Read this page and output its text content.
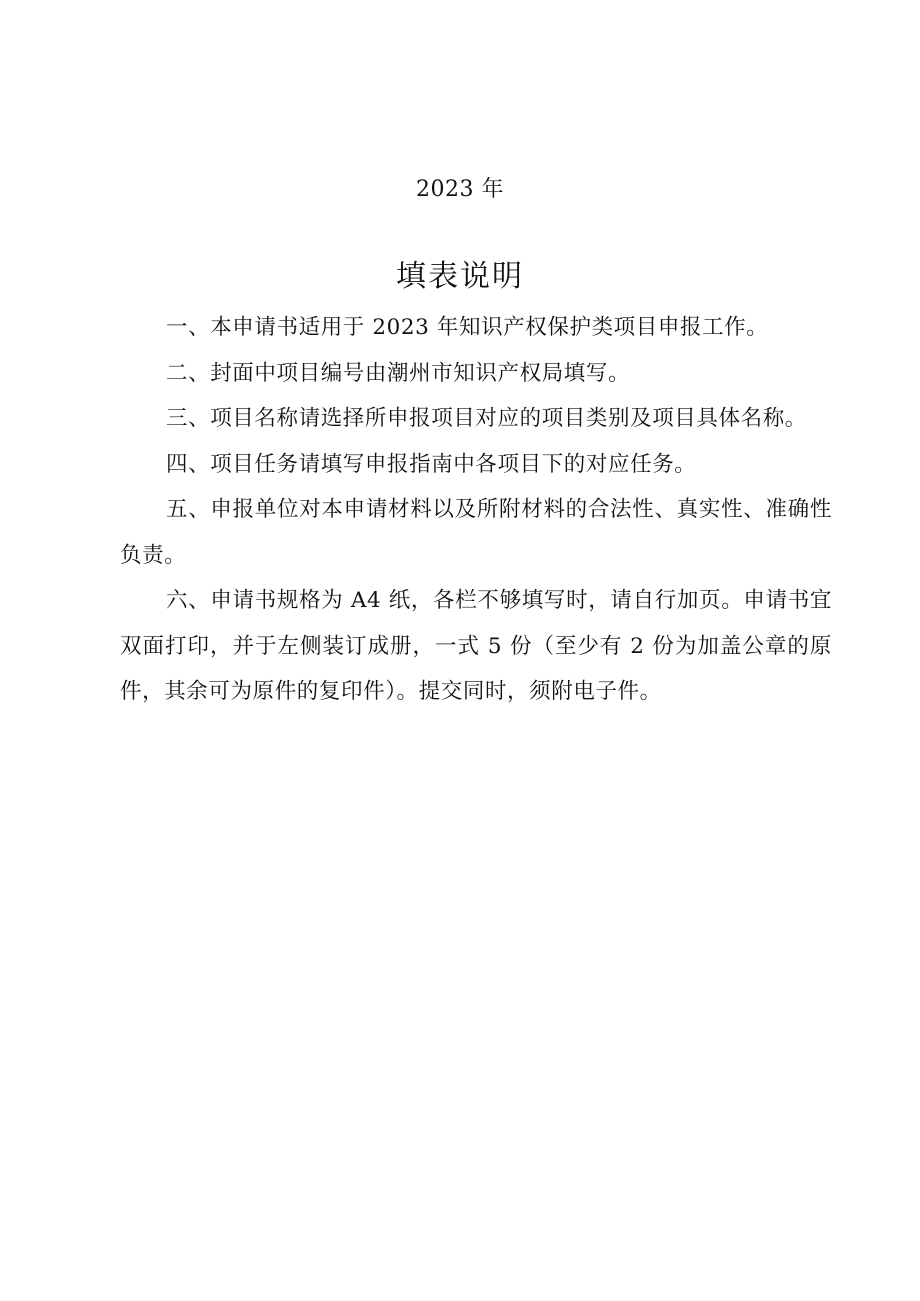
2023 年
填表说明

一、本申请书适用于 2023 年知识产权保护类项目申报工作。

二、封面中项目编号由潮州市知识产权局填写。

三、项目名称请选择所申报项目对应的项目类别及项目具体名称。

四、项目任务请填写申报指南中各项目下的对应任务。

五、申报单位对本申请材料以及所附材料的合法性、真实性、准确性负责。

六、申请书规格为 A4 纸，各栏不够填写时，请自行加页。申请书宜双面打印，并于左侧装订成册，一式 5 份（至少有 2 份为加盖公章的原件，其余可为原件的复印件）。提交同时，须附电子件。
